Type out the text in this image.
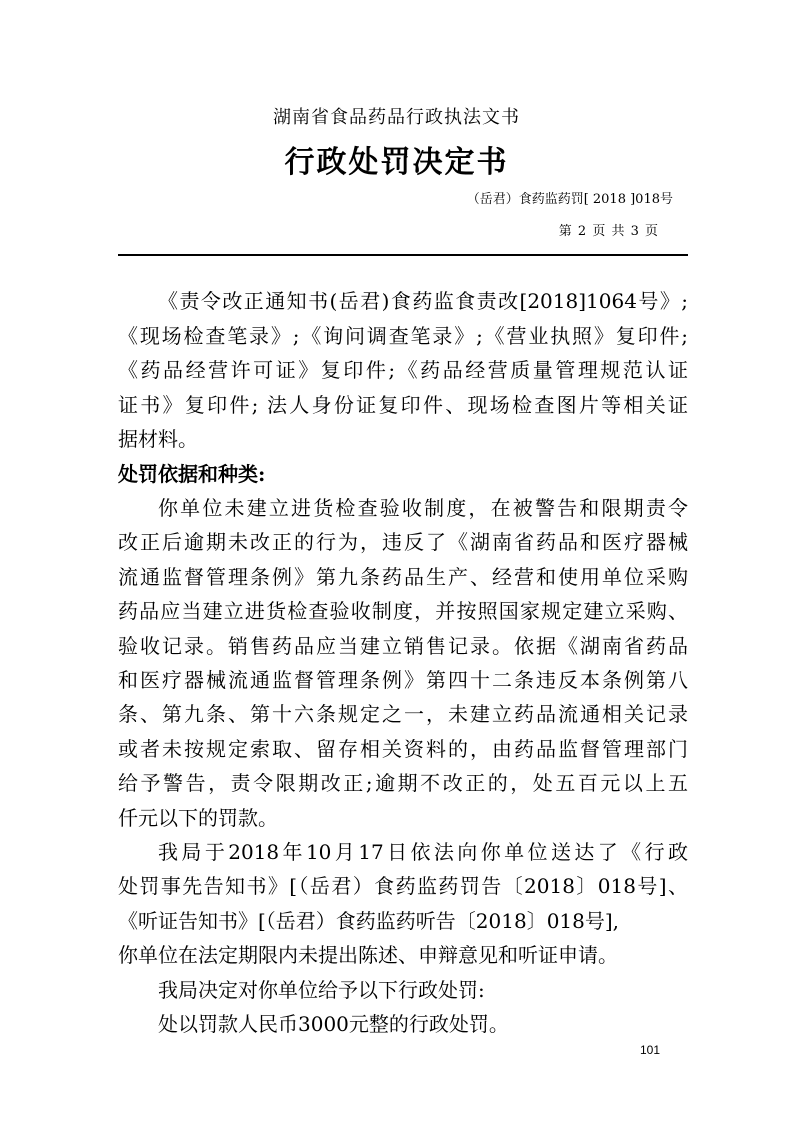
湖南省食品药品行政执法文书
行政处罚决定书
（岳君）食药监药罚[ 2018 ]018号
第 2 页 共 3 页
《责令改正通知书(岳君)食药监食责改[2018]1064号》;
《现场检查笔录》;《询问调查笔录》;《营业执照》复印件;
《药品经营许可证》复印件;《药品经营质量管理规范认证
证书》复印件; 法人身份证复印件、现场检查图片等相关证
据材料。
处罚依据和种类:
你单位未建立进货检查验收制度，在被警告和限期责令
改正后逾期未改正的行为，违反了《湖南省药品和医疗器械
流通监督管理条例》第九条药品生产、经营和使用单位采购
药品应当建立进货检查验收制度，并按照国家规定建立采购、
验收记录。销售药品应当建立销售记录。依据《湖南省药品
和医疗器械流通监督管理条例》第四十二条违反本条例第八
条、第九条、第十六条规定之一，未建立药品流通相关记录
或者未按规定索取、留存相关资料的，由药品监督管理部门
给予警告，责令限期改正;逾期不改正的，处五百元以上五
仟元以下的罚款。
我局于2018年10月17日依法向你单位送达了《行政
处罚事先告知书》[（岳君）食药监药罚告〔2018〕018号]、
《听证告知书》[（岳君）食药监药听告〔2018〕018号],
你单位在法定期限内未提出陈述、申辩意见和听证申请。
我局决定对你单位给予以下行政处罚:
处以罚款人民币3000元整的行政处罚。
101
